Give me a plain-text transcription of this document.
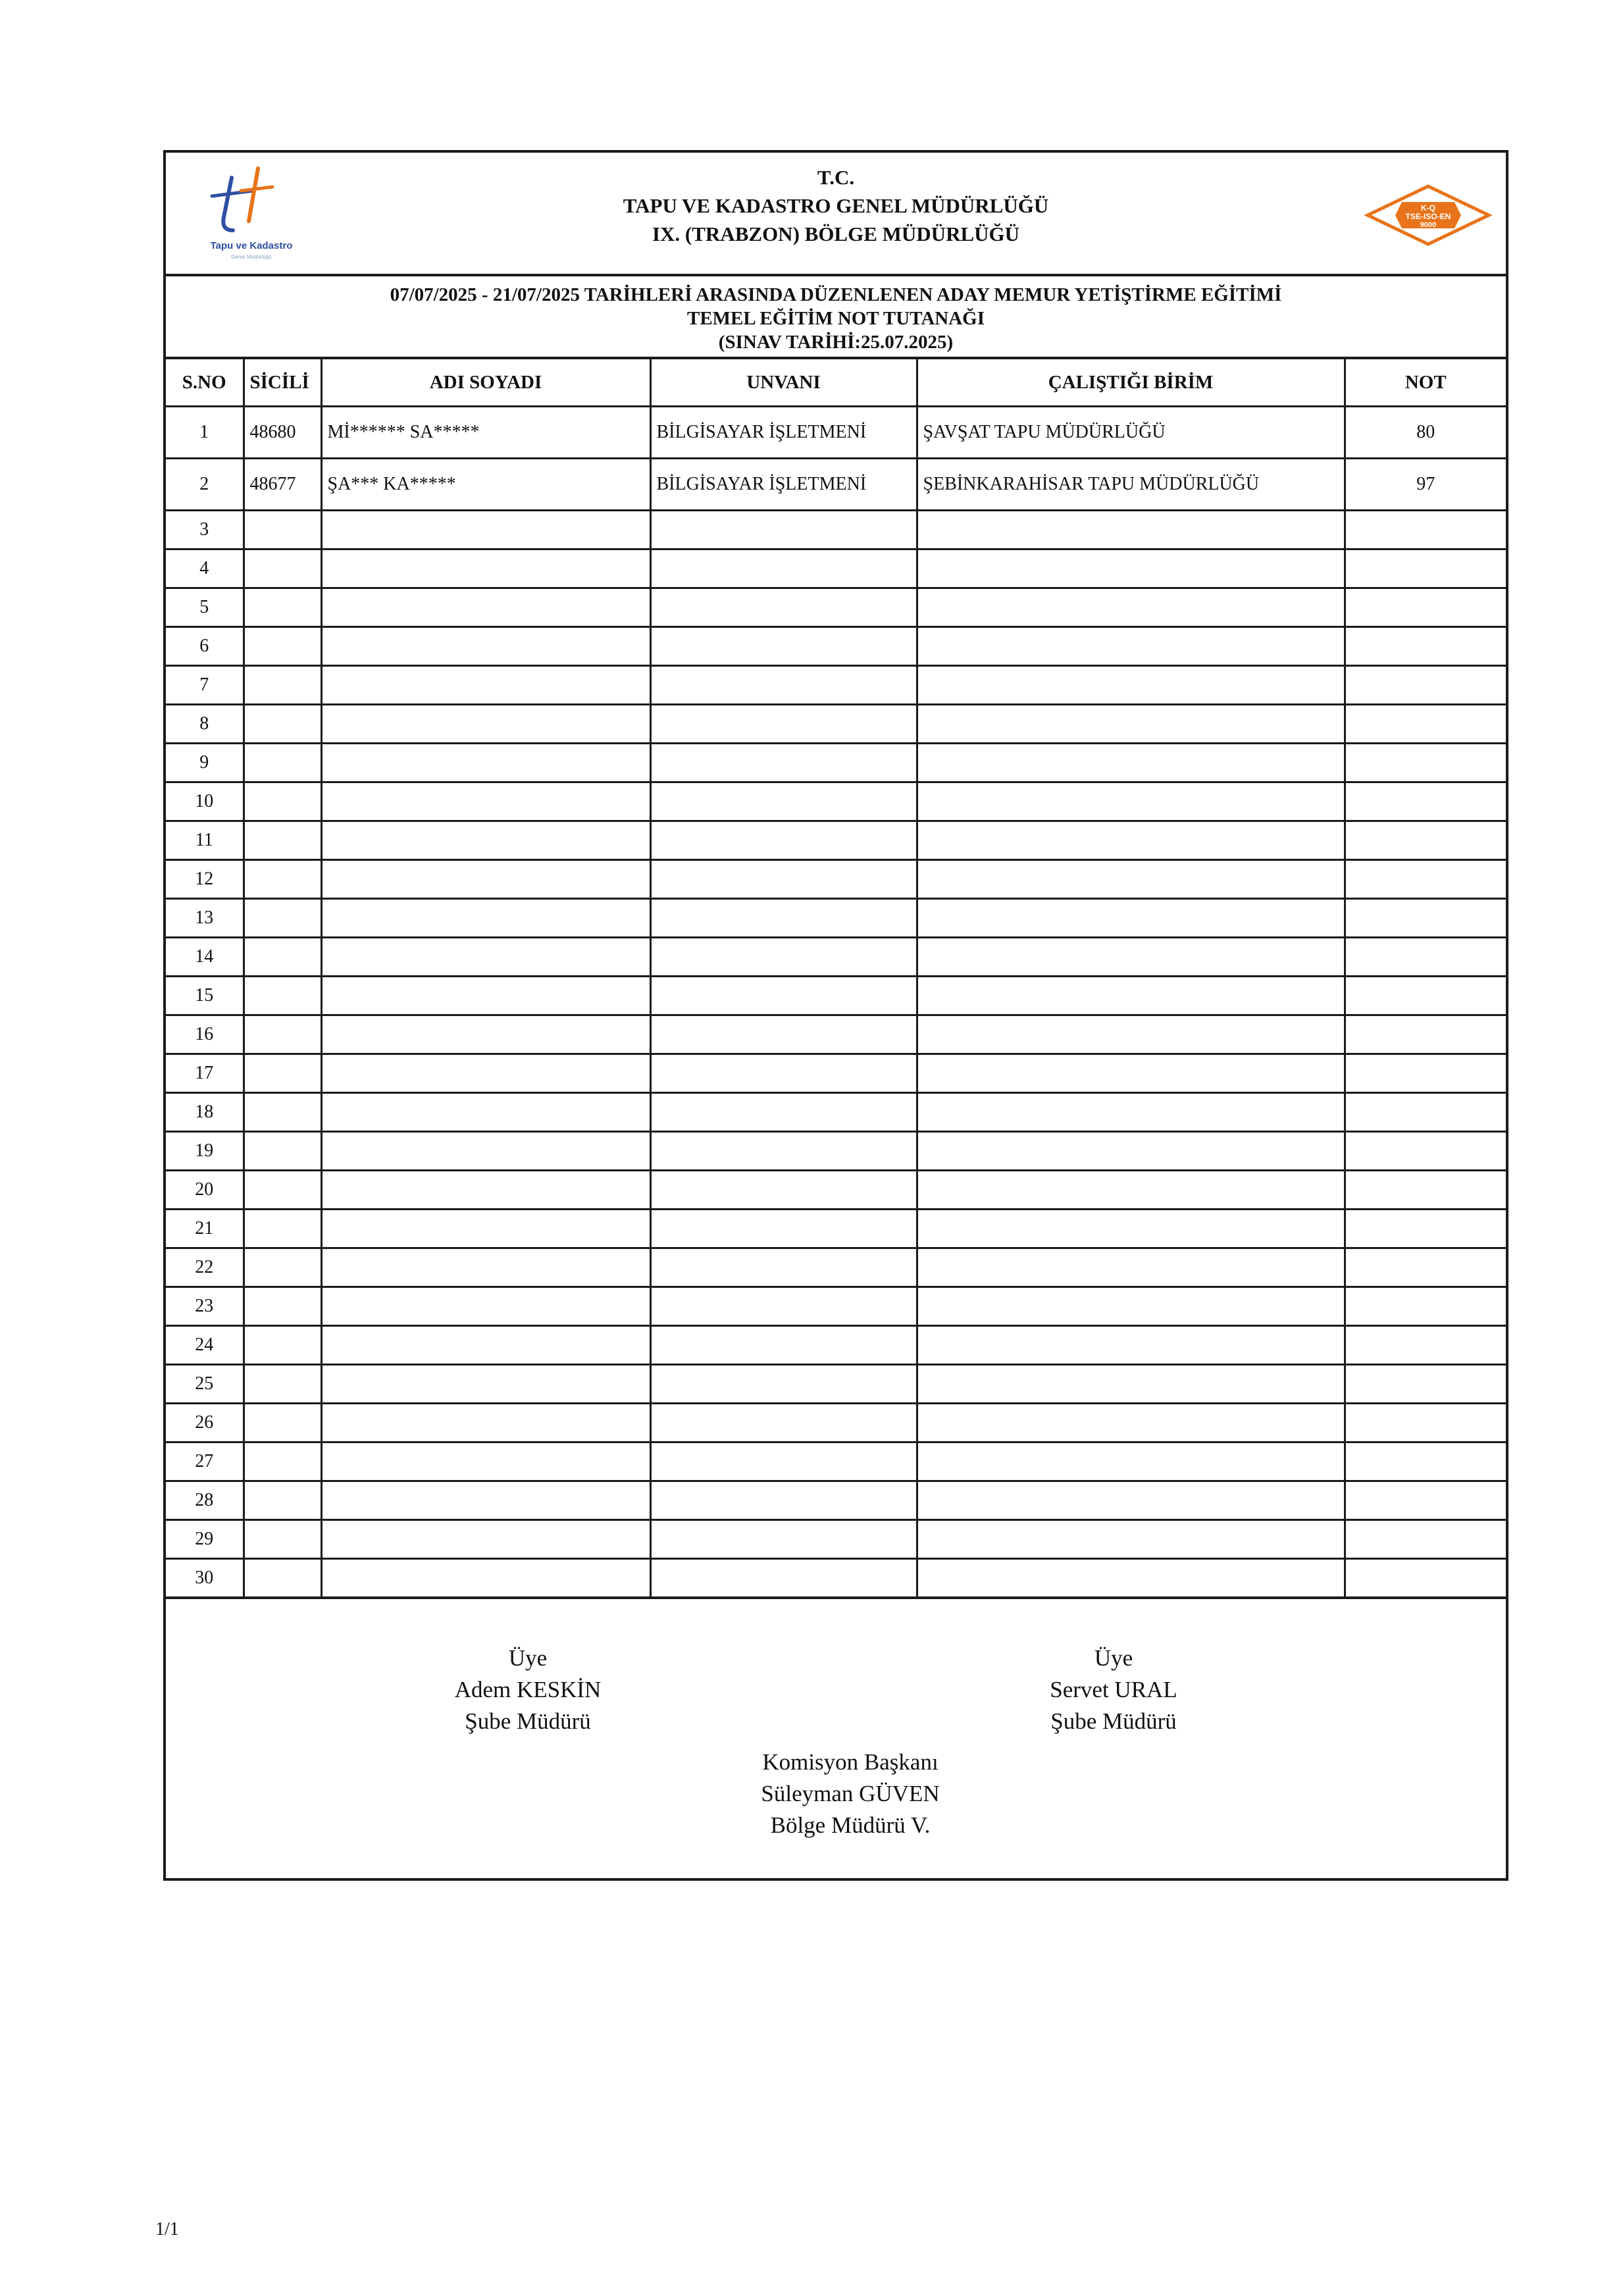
Tapu ve Kadastro
Genel Müdürlüğü
T.C.
TAPU VE KADASTRO GENEL MÜDÜRLÜĞÜ
IX. (TRABZON) BÖLGE MÜDÜRLÜĞÜ
K-Q
TSE-ISO-EN
9000
07/07/2025 - 21/07/2025 TARİHLERİ ARASINDA DÜZENLENEN ADAY MEMUR YETİŞTİRME EĞİTİMİ
TEMEL EĞİTİM NOT TUTANAĞI
(SINAV TARİHİ:25.07.2025)
S.NO	SİCİLİ	ADI SOYADI	UNVANI	ÇALIŞTIĞI BİRİM	NOT
1	48680	Mİ****** SA*****	BİLGİSAYAR İŞLETMENİ	ŞAVŞAT TAPU MÜDÜRLÜĞÜ	80
2	48677	ŞA*** KA*****	BİLGİSAYAR İŞLETMENİ	ŞEBİNKARAHİSAR TAPU MÜDÜRLÜĞÜ	97
3					
4					
5					
6					
7					
8					
9					
10					
11					
12					
13					
14					
15					
16					
17					
18					
19					
20					
21					
22					
23					
24					
25					
26					
27					
28					
29					
30					
Üye
Adem KESKİN
Şube Müdürü
Üye
Servet URAL
Şube Müdürü
Komisyon Başkanı
Süleyman GÜVEN
Bölge Müdürü V.
1/1
